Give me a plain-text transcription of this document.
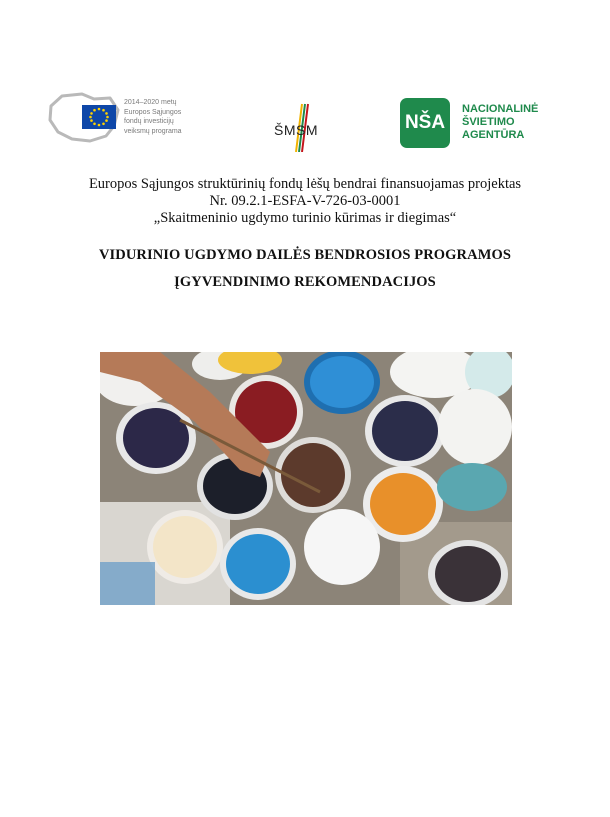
2014–2020 metų
Europos Sąjungos
fondų investicijų
veiksmų programa	ŠMSM	NŠA
NACIONALINĖ
ŠVIETIMO
AGENTŪRA
Europos Sąjungos struktūrinių fondų lėšų bendrai finansuojamas projektas
Nr. 09.2.1-ESFA-V-726-03-0001
„Skaitmeninio ugdymo turinio kūrimas ir diegimas“
VIDURINIO UGDYMO DAILĖS BENDROSIOS PROGRAMOS
ĮGYVENDINIMO REKOMENDACIJOS
